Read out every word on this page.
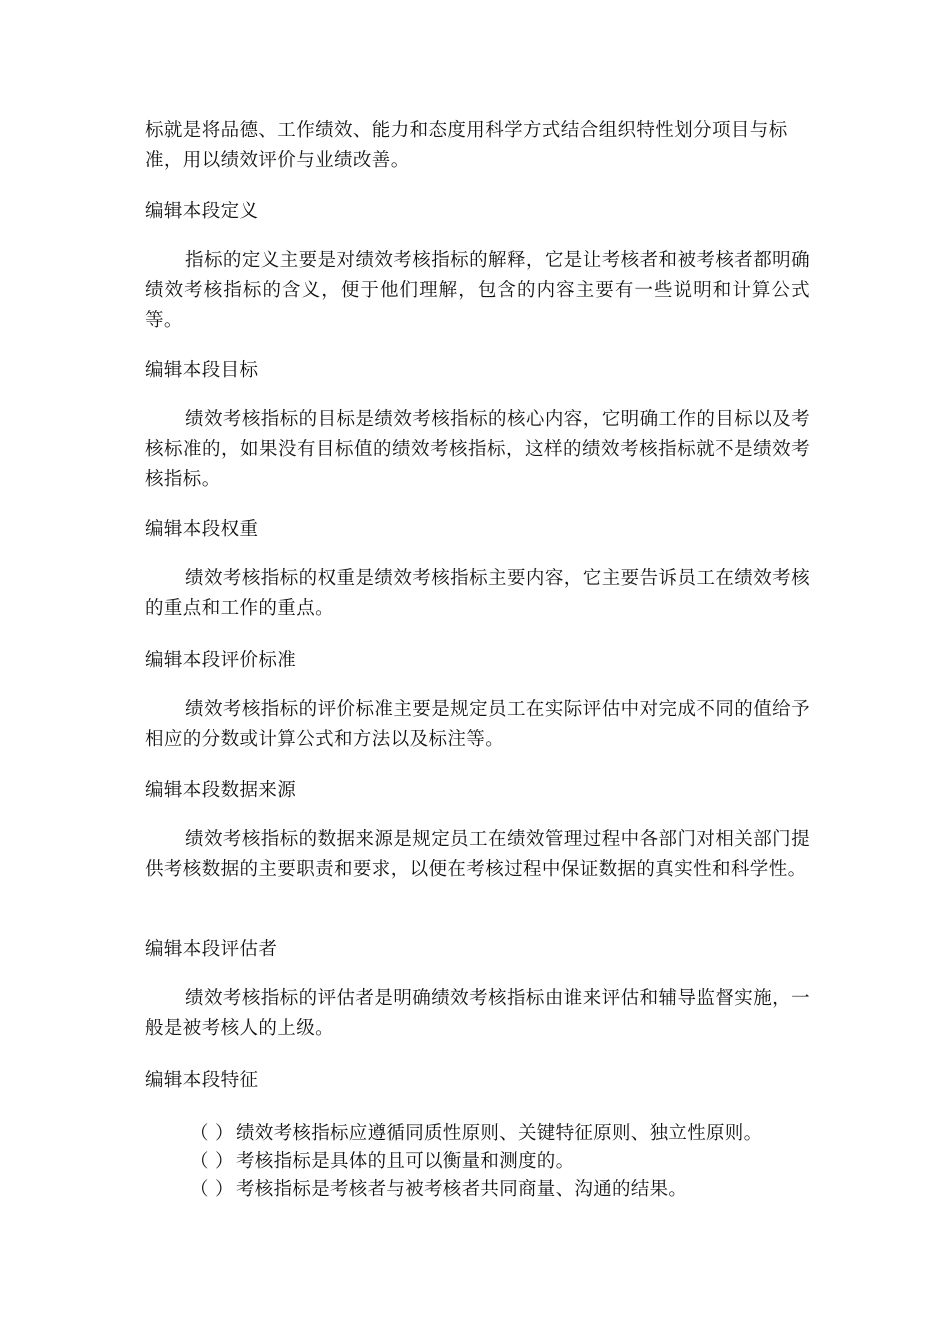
标就是将品德、工作绩效、能力和态度用科学方式结合组织特性划分项目与标准，用以绩效评价与业绩改善。
编辑本段定义
指标的定义主要是对绩效考核指标的解释，它是让考核者和被考核者都明确绩效考核指标的含义，便于他们理解，包含的内容主要有一些说明和计算公式等。
编辑本段目标
绩效考核指标的目标是绩效考核指标的核心内容，它明确工作的目标以及考核标准的，如果没有目标值的绩效考核指标，这样的绩效考核指标就不是绩效考核指标。
编辑本段权重
绩效考核指标的权重是绩效考核指标主要内容，它主要告诉员工在绩效考核的重点和工作的重点。
编辑本段评价标准
绩效考核指标的评价标准主要是规定员工在实际评估中对完成不同的值给予相应的分数或计算公式和方法以及标注等。
编辑本段数据来源
绩效考核指标的数据来源是规定员工在绩效管理过程中各部门对相关部门提供考核数据的主要职责和要求，以便在考核过程中保证数据的真实性和科学性。
编辑本段评估者
绩效考核指标的评估者是明确绩效考核指标由谁来评估和辅导监督实施，一般是被考核人的上级。
编辑本段特征
（ ） 绩效考核指标应遵循同质性原则、关键特征原则、独立性原则。
（ ） 考核指标是具体的且可以衡量和测度的。
（ ） 考核指标是考核者与被考核者共同商量、沟通的结果。
